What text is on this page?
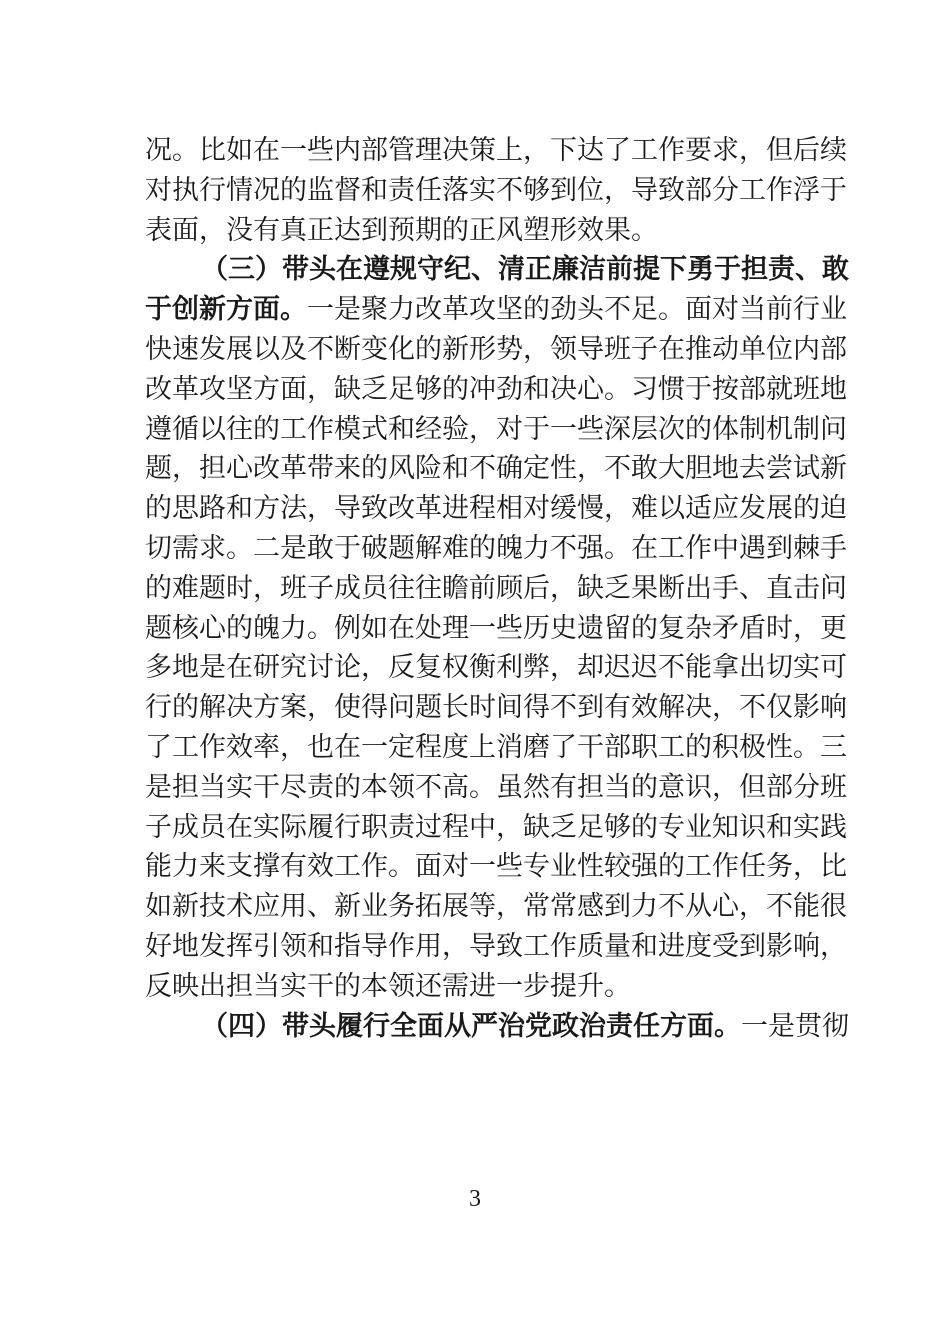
况。比如在一些内部管理决策上，下达了工作要求，但后续
对执行情况的监督和责任落实不够到位，导致部分工作浮于
表面，没有真正达到预期的正风塑形效果。
（三）带头在遵规守纪、清正廉洁前提下勇于担责、敢
于创新方面。一是聚力改革攻坚的劲头不足。面对当前行业
快速发展以及不断变化的新形势，领导班子在推动单位内部
改革攻坚方面，缺乏足够的冲劲和决心。习惯于按部就班地
遵循以往的工作模式和经验，对于一些深层次的体制机制问
题，担心改革带来的风险和不确定性，不敢大胆地去尝试新
的思路和方法，导致改革进程相对缓慢，难以适应发展的迫
切需求。二是敢于破题解难的魄力不强。在工作中遇到棘手
的难题时，班子成员往往瞻前顾后，缺乏果断出手、直击问
题核心的魄力。例如在处理一些历史遗留的复杂矛盾时，更
多地是在研究讨论，反复权衡利弊，却迟迟不能拿出切实可
行的解决方案，使得问题长时间得不到有效解决，不仅影响
了工作效率，也在一定程度上消磨了干部职工的积极性。三
是担当实干尽责的本领不高。虽然有担当的意识，但部分班
子成员在实际履行职责过程中，缺乏足够的专业知识和实践
能力来支撑有效工作。面对一些专业性较强的工作任务，比
如新技术应用、新业务拓展等，常常感到力不从心，不能很
好地发挥引领和指导作用，导致工作质量和进度受到影响，
反映出担当实干的本领还需进一步提升。
（四）带头履行全面从严治党政治责任方面。一是贯彻
3
